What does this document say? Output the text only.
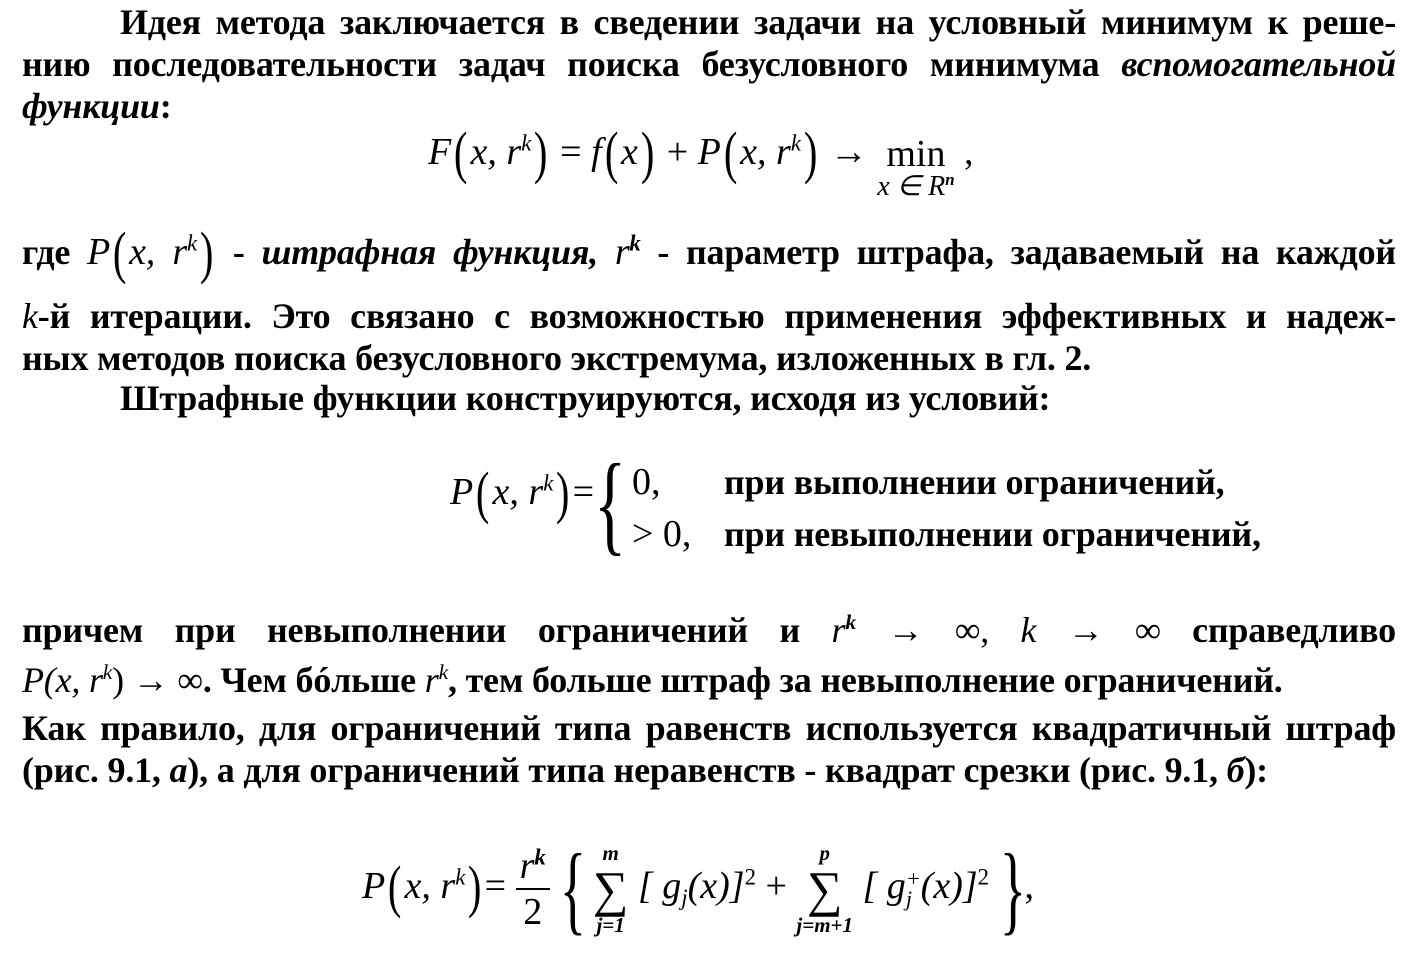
Идея метода заключается в сведении задачи на условный минимум к реше-
нию последовательности задач поиска безусловного минимума вспомогательной
функции:
F(x, $r^k) = f(x) + P(x$, $r^k) \to \min$
x ∈ $R^n$
,
где P(x, $r^k$) - штрафная функция, $r^k$ - параметр штрафа, задаваемый на каждой
k-й итерации. Это связано с возможностью применения эффективных и надеж-
ных методов поиска безусловного экстремума, изложенных в гл. 2.
Штрафные функции конструируются, исходя из условий:
P(x, $r^k)=$ { 0, при выполнении ограничений,
> 0, при невыполнении ограничений,
причем при невыполнении ограничений и $r^k$ → ∞, k → ∞ справедливо
P(x, $r^k$) → ∞. Чем бóльше $r^k$, тем больше штраф за невыполнение ограничений.
Как правило, для ограничений типа равенств используется квадратичный штраф
(рис. 9.1, а), а для ограничений типа неравенств - квадрат срезки (рис. 9.1, б):
P(x, $r^k)= \frac{r^k}{2}$ { m
∑
j=1
[ $g_j(x)]^2$ +
p
∑
j=m+1
[ g +
j (x)]$^2$ },
